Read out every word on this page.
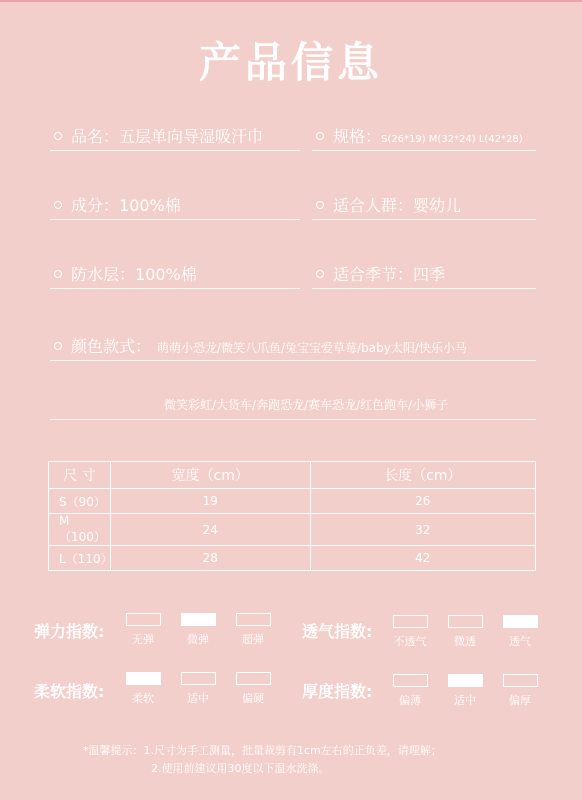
产品信息
品名：五层单向导湿吸汗巾	规格：S(26*19) M(32*24) L(42*28)
成分：100%棉	适合人群：婴幼儿
防水层：100%棉	适合季节：四季
颜色款式： 萌萌小恐龙/微笑八爪鱼/兔宝宝爱草莓/baby太阳/快乐小马
微笑彩虹/大货车/奔跑恐龙/赛车恐龙/红色跑车/小狮子
尺 寸	宽度（cm）	长度（cm）
S（90）	19	26
M（100）	24	32
L（110）	28	42
弹力指数:	无弹	微弹	超弹	透气指数:
不透气	微透	透气
柔软指数:	柔软	适中	偏硬	厚度指数:	偏薄	适中	偏厚
*温馨提示：1.尺寸为手工测量，批量裁剪有1cm左右的正负差，请理解；
2.使用前建议用30度以下温水洗涤。
